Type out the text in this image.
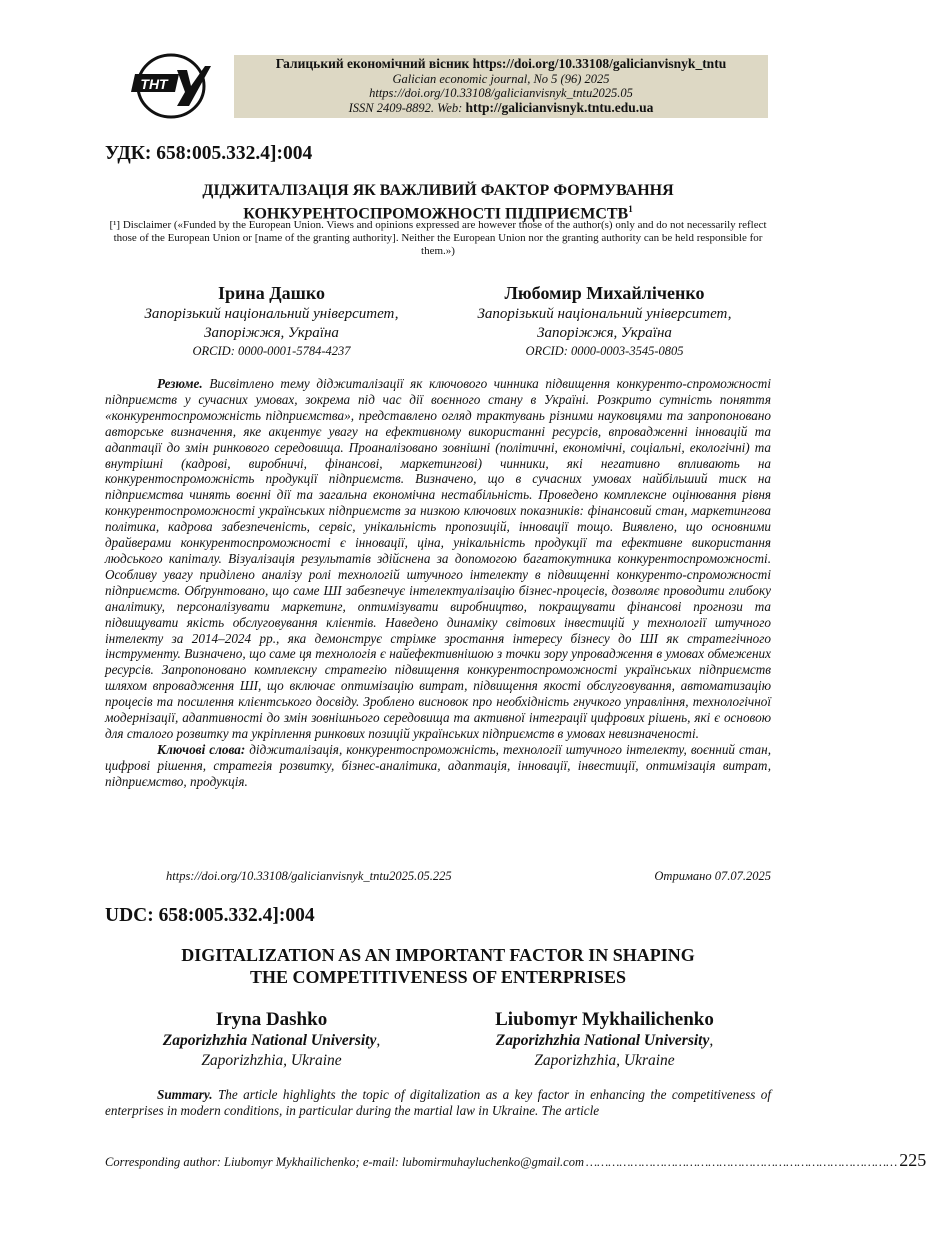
ТНТ
Галицький економічний вісник https://doi.org/10.33108/galicianvisnyk_tntu
Galician economic journal, No 5 (96) 2025
https://doi.org/10.33108/galicianvisnyk_tntu2025.05
ISSN 2409-8892. Web: http://galicianvisnyk.tntu.edu.ua
УДК: 658:005.332.4]:004
ДІДЖИТАЛІЗАЦІЯ ЯК ВАЖЛИВИЙ ФАКТОР ФОРМУВАННЯ
КОНКУРЕНТОСПРОМОЖНОСТІ ПІДПРИЄМСТВ$^1$
[¹] Disclaimer («Funded by the European Union. Views and opinions expressed are however those of the author(s) only and do not necessarily reflect those of the European Union or [name of the granting authority]. Neither the European Union nor the granting authority can be held responsible for them.»)
Ірина Дашко
Запорізький національний університет,
Запоріжжя, Україна
ORCID: 0000-0001-5784-4237
Любомир Михайліченко
Запорізький національний університет,
Запоріжжя, Україна
ORCID: 0000-0003-3545-0805

Резюме. Висвітлено тему діджиталізації як ключового чинника підвищення конкуренто-спроможності підприємств у сучасних умовах, зокрема під час дії воєнного стану в Україні. Розкрито сутність поняття «конкурентоспроможність підприємства», представлено огляд трактувань різними науковцями та запропоновано авторське визначення, яке акцентує увагу на ефективному використанні ресурсів, впровадженні інновацій та адаптації до змін ринкового середовища. Проаналізовано зовнішні (політичні, економічні, соціальні, екологічні) та внутрішні (кадрові, виробничі, фінансові, маркетингові) чинники, які негативно впливають на конкурентоспроможність продукції підприємств. Визначено, що в сучасних умовах найбільший тиск на підприємства чинять воєнні дії та загальна економічна нестабільність. Проведено комплексне оцінювання рівня конкурентоспроможності українських підприємств за низкою ключових показників: фінансовий стан, маркетингова політика, кадрова забезпеченість, сервіс, унікальність пропозицій, інновації тощо. Виявлено, що основними драйверами конкурентоспроможності є інновації, ціна, унікальність продукції та ефективне використання людського капіталу. Візуалізація результатів здійснена за допомогою багатокутника конкурентоспроможності. Особливу увагу приділено аналізу ролі технологій штучного інтелекту в підвищенні конкуренто-спроможності підприємств. Обґрунтовано, що саме ШІ забезпечує інтелектуалізацію бізнес-процесів, дозволяє проводити глибоку аналітику, персоналізувати маркетинг, оптимізувати виробництво, покращувати фінансові прогнози та підвищувати якість обслуговування клієнтів. Наведено динаміку світових інвестицій у технології штучного інтелекту за 2014–2024 рр., яка демонструє стрімке зростання інтересу бізнесу до ШІ як стратегічного інструменту. Визначено, що саме ця технологія є найефективнішою з точки зору упровадження в умовах обмежених ресурсів. Запропоновано комплексну стратегію підвищення конкурентоспроможності українських підприємств шляхом впровадження ШІ, що включає оптимізацію витрат, підвищення якості обслуговування, автоматизацію процесів та посилення клієнтського досвіду. Зроблено висновок про необхідність гнучкого управління, технологічної модернізації, адаптивності до змін зовнішнього середовища та активної інтеграції цифрових рішень, які є основою для сталого розвитку та укріплення ринкових позицій українських підприємств в умовах невизначеності.

Ключові слова: діджиталізація, конкурентоспроможність, технології штучного інтелекту, воєнний стан, цифрові рішення, стратегія розвитку, бізнес-аналітика, адаптація, інновації, інвестиції, оптимізація витрат, підприємство, продукція.

https://doi.org/10.33108/galicianvisnyk_tntu2025.05.225	Отримано 07.07.2025
UDC: 658:005.332.4]:004
DIGITALIZATION AS AN IMPORTANT FACTOR IN SHAPING
THE COMPETITIVENESS OF ENTERPRISES
Iryna Dashko
Zaporizhzhia National University,
Zaporizhzhia, Ukraine
Liubomyr Mykhailichenko
Zaporizhzhia National University,
Zaporizhzhia, Ukraine

Summary. The article highlights the topic of digitalization as a key factor in enhancing the competitiveness of enterprises in modern conditions, in particular during the martial law in Ukraine. The article

Corresponding author: Liubomyr Mykhailichenko; e-mail: lubomirmuhayluchenko@gmail.com ………………………………………………………………………… 225
